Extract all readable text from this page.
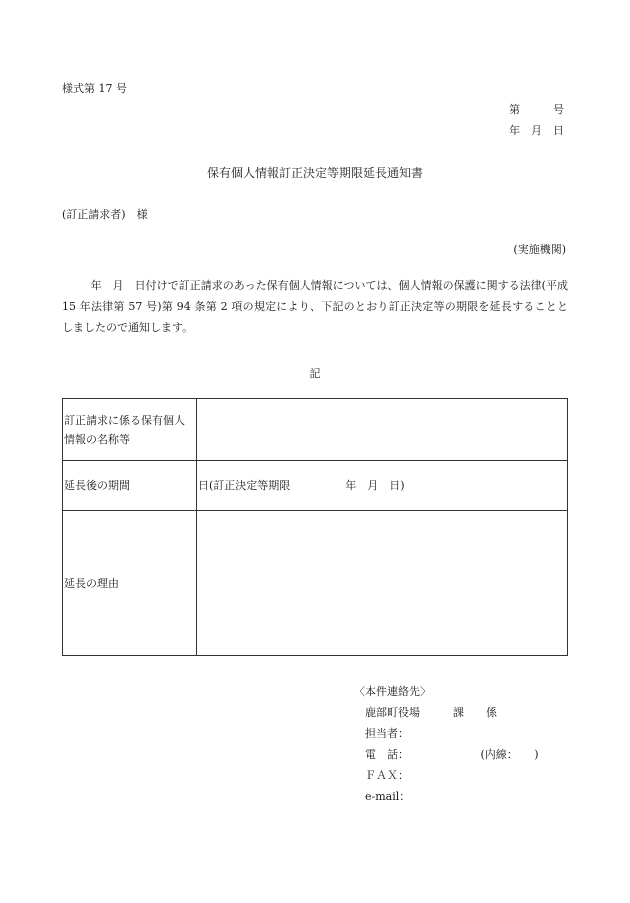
様式第 17 号
第　　　号
年　月　日
保有個人情報訂正決定等期限延長通知書
(訂正請求者)　様
(実施機関)
年　月　日付けで訂正請求のあった保有個人情報については、個人情報の保護に関する法律(平成 15 年法律第 57 号)第 94 条第 2 項の規定により、下記のとおり訂正決定等の期限を延長することとしましたので通知します。
記
訂正請求に係る保有個人情報の名称等	
延長後の期間	日(訂正決定等期限　　　　　年　月　日)
延長の理由	
〈本件連絡先〉
　鹿部町役場　　　課　　係
　担当者：
　電　話：　　　　　　　(内線：　　)
　ＦＡＸ：
　e-mail：
